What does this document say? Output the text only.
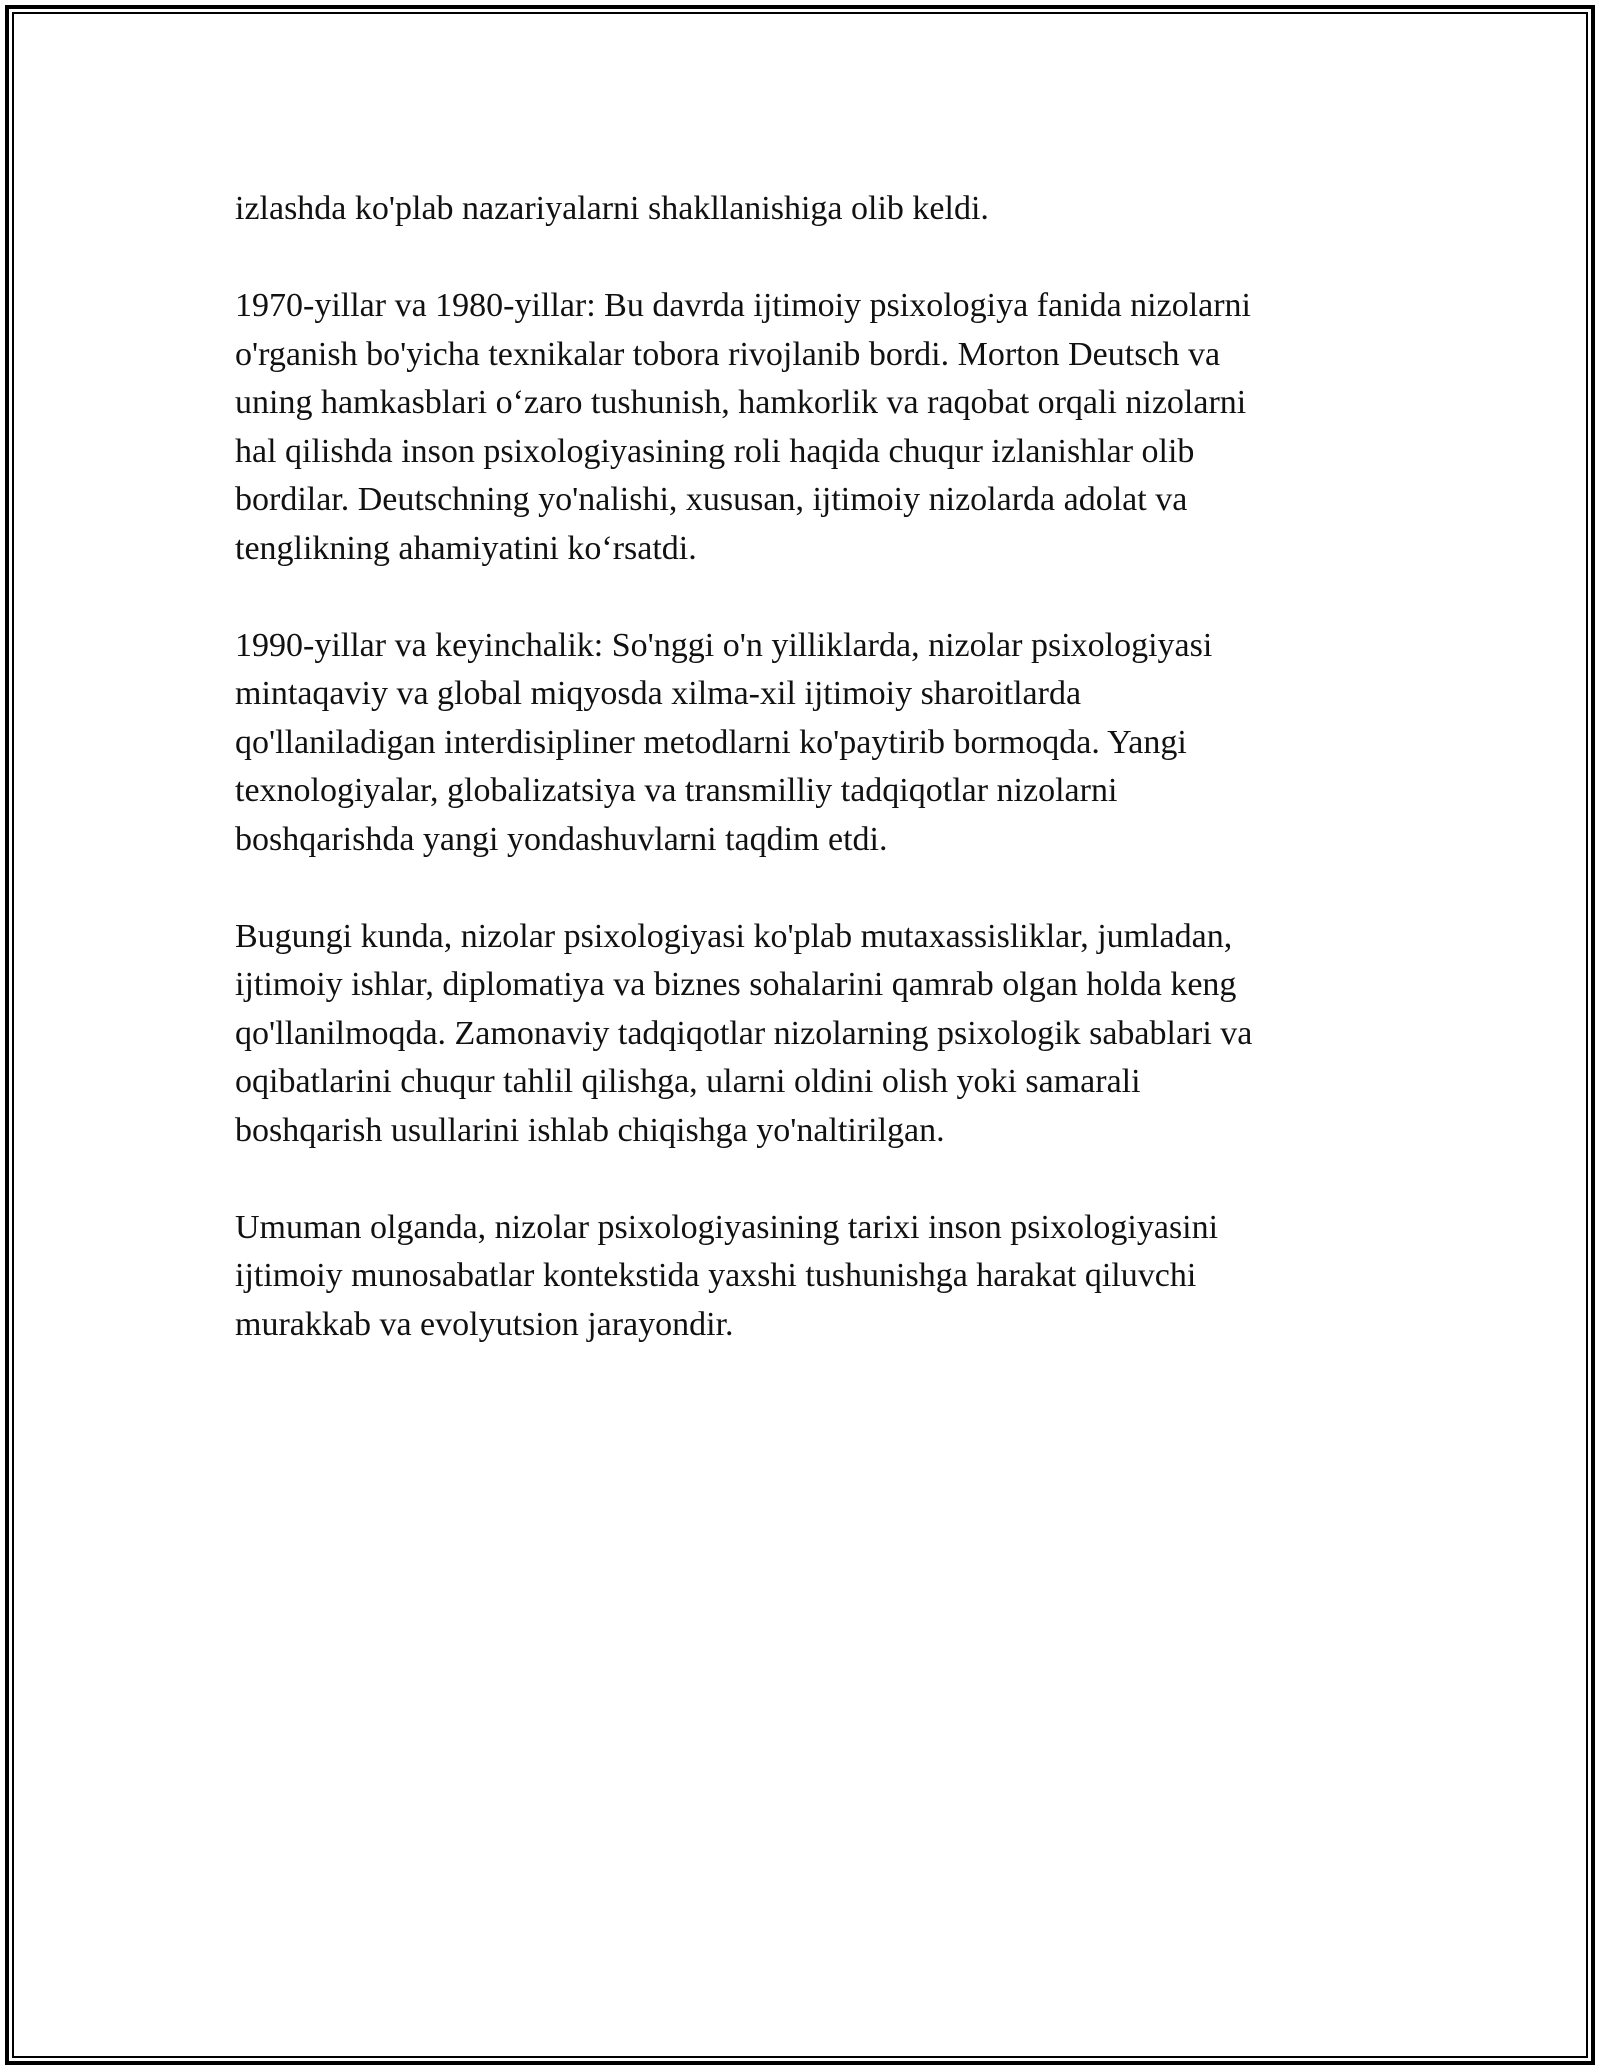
izlashda ko'plab nazariyalarni shakllanishiga olib keldi.

1970-yillar va 1980-yillar: Bu davrda ijtimoiy psixologiya fanida nizolarni
o'rganish bo'yicha texnikalar tobora rivojlanib bordi. Morton Deutsch va
uning hamkasblari o‘zaro tushunish, hamkorlik va raqobat orqali nizolarni
hal qilishda inson psixologiyasining roli haqida chuqur izlanishlar olib
bordilar. Deutschning yo'nalishi, xususan, ijtimoiy nizolarda adolat va
tenglikning ahamiyatini ko‘rsatdi.

1990-yillar va keyinchalik: So'nggi o'n yilliklarda, nizolar psixologiyasi
mintaqaviy va global miqyosda xilma-xil ijtimoiy sharoitlarda
qo'llaniladigan interdisipliner metodlarni ko'paytirib bormoqda. Yangi
texnologiyalar, globalizatsiya va transmilliy tadqiqotlar nizolarni
boshqarishda yangi yondashuvlarni taqdim etdi.

Bugungi kunda, nizolar psixologiyasi ko'plab mutaxassisliklar, jumladan,
ijtimoiy ishlar, diplomatiya va biznes sohalarini qamrab olgan holda keng
qo'llanilmoqda. Zamonaviy tadqiqotlar nizolarning psixologik sabablari va
oqibatlarini chuqur tahlil qilishga, ularni oldini olish yoki samarali
boshqarish usullarini ishlab chiqishga yo'naltirilgan.

Umuman olganda, nizolar psixologiyasining tarixi inson psixologiyasini
ijtimoiy munosabatlar kontekstida yaxshi tushunishga harakat qiluvchi
murakkab va evolyutsion jarayondir.
